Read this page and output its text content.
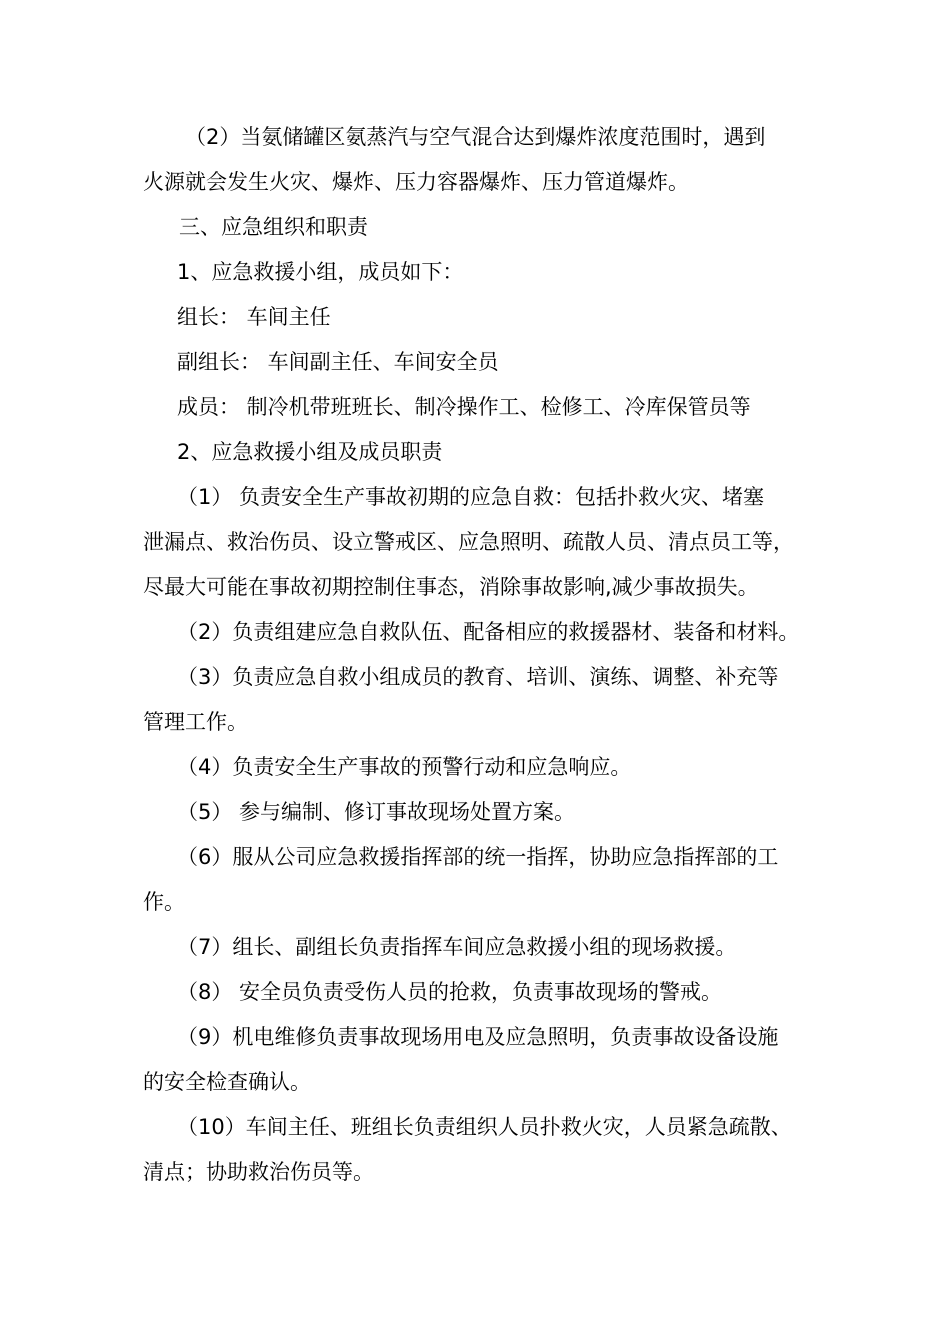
（2）当氨储罐区氨蒸汽与空气混合达到爆炸浓度范围时，遇到

火源就会发生火灾、爆炸、压力容器爆炸、压力管道爆炸。

三、应急组织和职责

1、应急救援小组，成员如下：

组长： 车间主任

副组长： 车间副主任、车间安全员

成员： 制冷机带班班长、制冷操作工、检修工、冷库保管员等

2、应急救援小组及成员职责

（1） 负责安全生产事故初期的应急自救：包括扑救火灾、堵塞

泄漏点、救治伤员、设立警戒区、应急照明、疏散人员、清点员工等，

尽最大可能在事故初期控制住事态，消除事故影响,减少事故损失。

（2）负责组建应急自救队伍、配备相应的救援器材、装备和材料。

（3）负责应急自救小组成员的教育、培训、演练、调整、补充等

管理工作。

（4）负责安全生产事故的预警行动和应急响应。

（5） 参与编制、修订事故现场处置方案。

（6）服从公司应急救援指挥部的统一指挥，协助应急指挥部的工

作。

（7）组长、副组长负责指挥车间应急救援小组的现场救援。

（8） 安全员负责受伤人员的抢救，负责事故现场的警戒。

（9）机电维修负责事故现场用电及应急照明，负责事故设备设施

的安全检查确认。

（10）车间主任、班组长负责组织人员扑救火灾，人员紧急疏散、

清点；协助救治伤员等。
